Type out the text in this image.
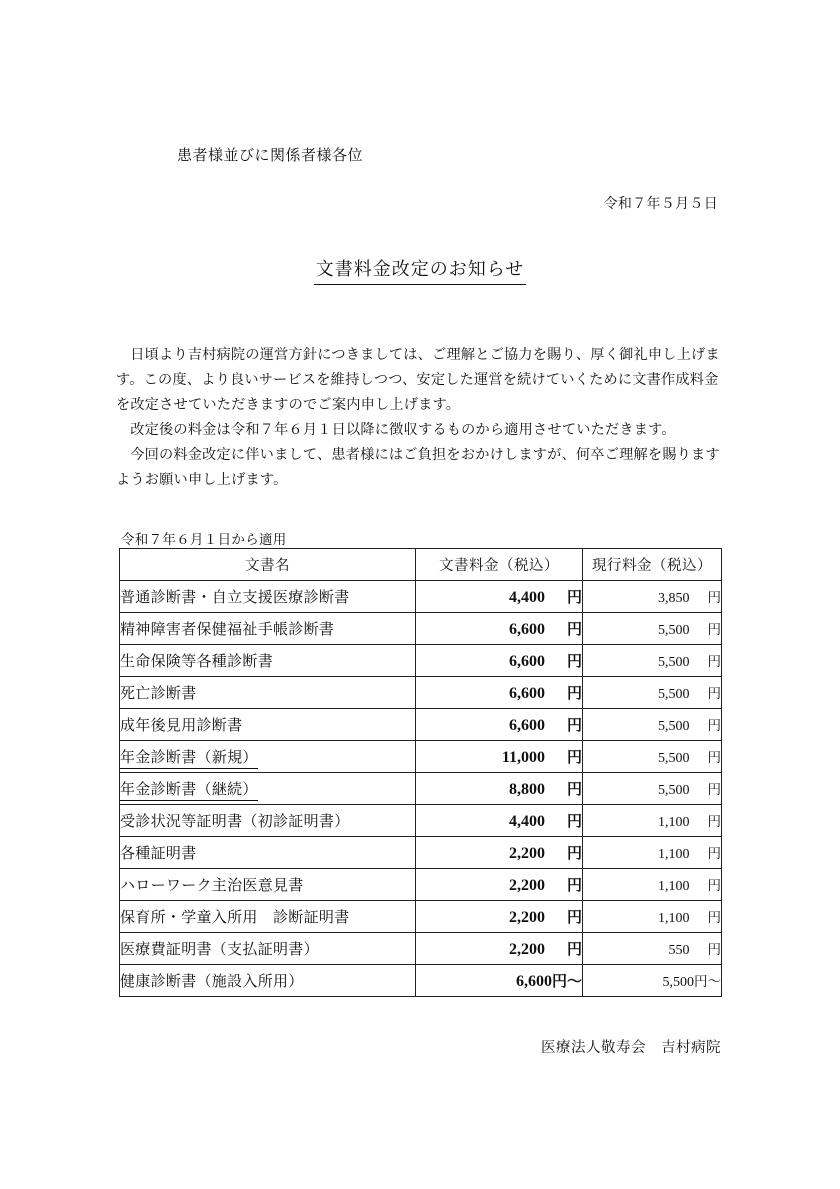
患者様並びに関係者様各位
令和７年５月５日
文書料金改定のお知らせ

日頃より吉村病院の運営方針につきましては、ご理解とご協力を賜り、厚く御礼申し上げます。この度、より良いサービスを維持しつつ、安定した運営を続けていくために文書作成料金を改定させていただきますのでご案内申し上げます。

改定後の料金は令和７年６月１日以降に徴収するものから適用させていただきます。

今回の料金改定に伴いまして、患者様にはご負担をおかけしますが、何卒ご理解を賜りますようお願い申し上げます。

令和７年６月１日から適用
文書名	文書料金（税込）	現行料金（税込）
普通診断書・自立支援医療診断書	4,400 円	3,850 円
精神障害者保健福祉手帳診断書	6,600 円	5,500 円
生命保険等各種診断書	6,600 円	5,500 円
死亡診断書	6,600 円	5,500 円
成年後見用診断書	6,600 円	5,500 円
年金診断書（新規）	11,000 円	5,500 円
年金診断書（継続）	8,800 円	5,500 円
受診状況等証明書（初診証明書）	4,400 円	1,100 円
各種証明書	2,200 円	1,100 円
ハローワーク主治医意見書	2,200 円	1,100 円
保育所・学童入所用　診断証明書	2,200 円	1,100 円
医療費証明書（支払証明書）	2,200 円	550 円
健康診断書（施設入所用）	6,600円～	5,500円～
医療法人敬寿会　吉村病院
